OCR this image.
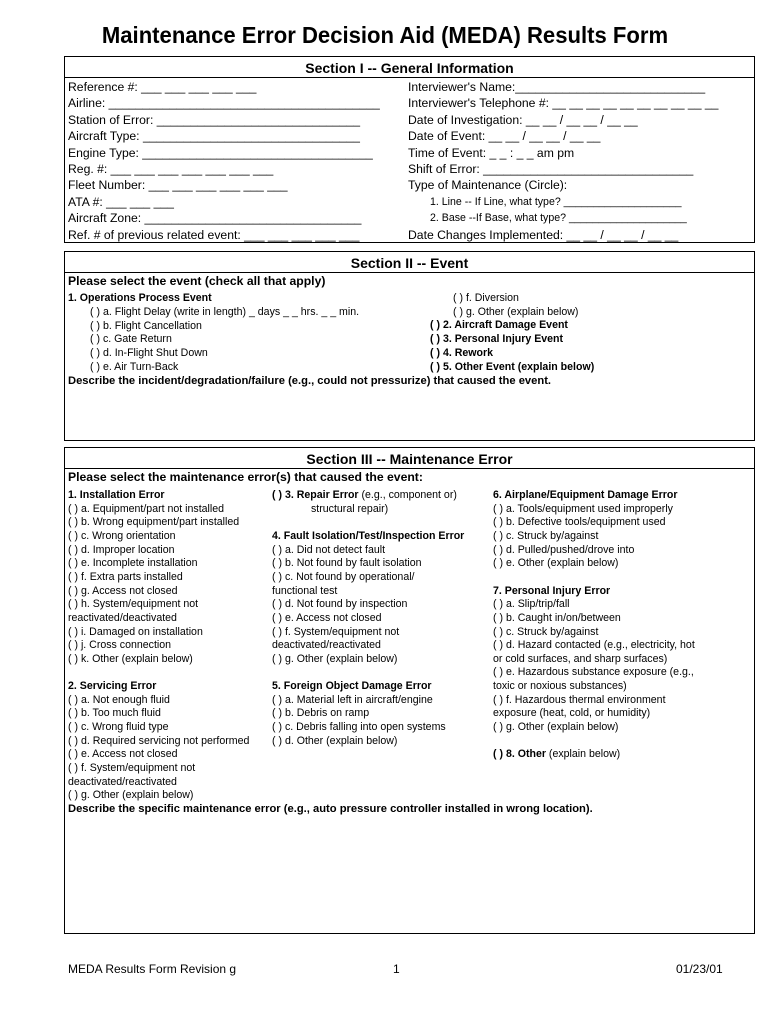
Maintenance Error Decision Aid (MEDA) Results Form
Section I -- General Information
Reference #: ___ ___ ___ ___ ___
Airline: ________________________________________
Station of Error: ______________________________
Aircraft Type: ________________________________
Engine Type: __________________________________
Reg. #: ___ ___ ___ ___ ___ ___ ___
Fleet Number: ___ ___ ___ ___ ___ ___
ATA #: ___ ___ ___
Aircraft Zone: ________________________________
Ref. # of previous related event: ___ ___ ___ ___ ___
Interviewer's Name:____________________________
Interviewer's Telephone #: __ __ __ __ __ __ __ __ __ __
Date of Investigation: __ __ / __ __ / __ __
Date of Event: __ __ / __ __ / __ __
Time of Event: _ _ : _ _ am pm
Shift of Error: _______________________________
Type of Maintenance (Circle):
1. Line -- If Line, what type? ____________________
2. Base --If Base, what type? ____________________
Date Changes Implemented: __ __ / __ __ / __ __
Section II -- Event
Please select the event (check all that apply)
1. Operations Process Event
( ) a. Flight Delay (write in length) _ days _ _ hrs. _ _ min.
( ) b. Flight Cancellation
( ) c. Gate Return
( ) d. In-Flight Shut Down
( ) e. Air Turn-Back
( ) f. Diversion
( ) g. Other (explain below)
( ) 2. Aircraft Damage Event
( ) 3. Personal Injury Event
( ) 4. Rework
( ) 5. Other Event (explain below)
Describe the incident/degradation/failure (e.g., could not pressurize) that caused the event.
Section III -- Maintenance Error
Please select the maintenance error(s) that caused the event:
1. Installation Error
( ) a. Equipment/part not installed
( ) b. Wrong equipment/part installed
( ) c. Wrong orientation
( ) d. Improper location
( ) e. Incomplete installation
( ) f. Extra parts installed
( ) g. Access not closed
( ) h. System/equipment not
reactivated/deactivated
( ) i. Damaged on installation
( ) j. Cross connection
( ) k. Other (explain below)
2. Servicing Error
( ) a. Not enough fluid
( ) b. Too much fluid
( ) c. Wrong fluid type
( ) d. Required servicing not performed
( ) e. Access not closed
( ) f. System/equipment not
deactivated/reactivated
( ) g. Other (explain below)
( ) 3. Repair Error (e.g., component or)
structural repair)
4. Fault Isolation/Test/Inspection Error
( ) a. Did not detect fault
( ) b. Not found by fault isolation
( ) c. Not found by operational/
functional test
( ) d. Not found by inspection
( ) e. Access not closed
( ) f. System/equipment not
deactivated/reactivated
( ) g. Other (explain below)
5. Foreign Object Damage Error
( ) a. Material left in aircraft/engine
( ) b. Debris on ramp
( ) c. Debris falling into open systems
( ) d. Other (explain below)
6. Airplane/Equipment Damage Error
( ) a. Tools/equipment used improperly
( ) b. Defective tools/equipment used
( ) c. Struck by/against
( ) d. Pulled/pushed/drove into
( ) e. Other (explain below)
7. Personal Injury Error
( ) a. Slip/trip/fall
( ) b. Caught in/on/between
( ) c. Struck by/against
( ) d. Hazard contacted (e.g., electricity, hot
or cold surfaces, and sharp surfaces)
( ) e. Hazardous substance exposure (e.g.,
toxic or noxious substances)
( ) f. Hazardous thermal environment
exposure (heat, cold, or humidity)
( ) g. Other (explain below)
( ) 8. Other (explain below)
Describe the specific maintenance error (e.g., auto pressure controller installed in wrong location).
MEDA Results Form Revision g	1	01/23/01
